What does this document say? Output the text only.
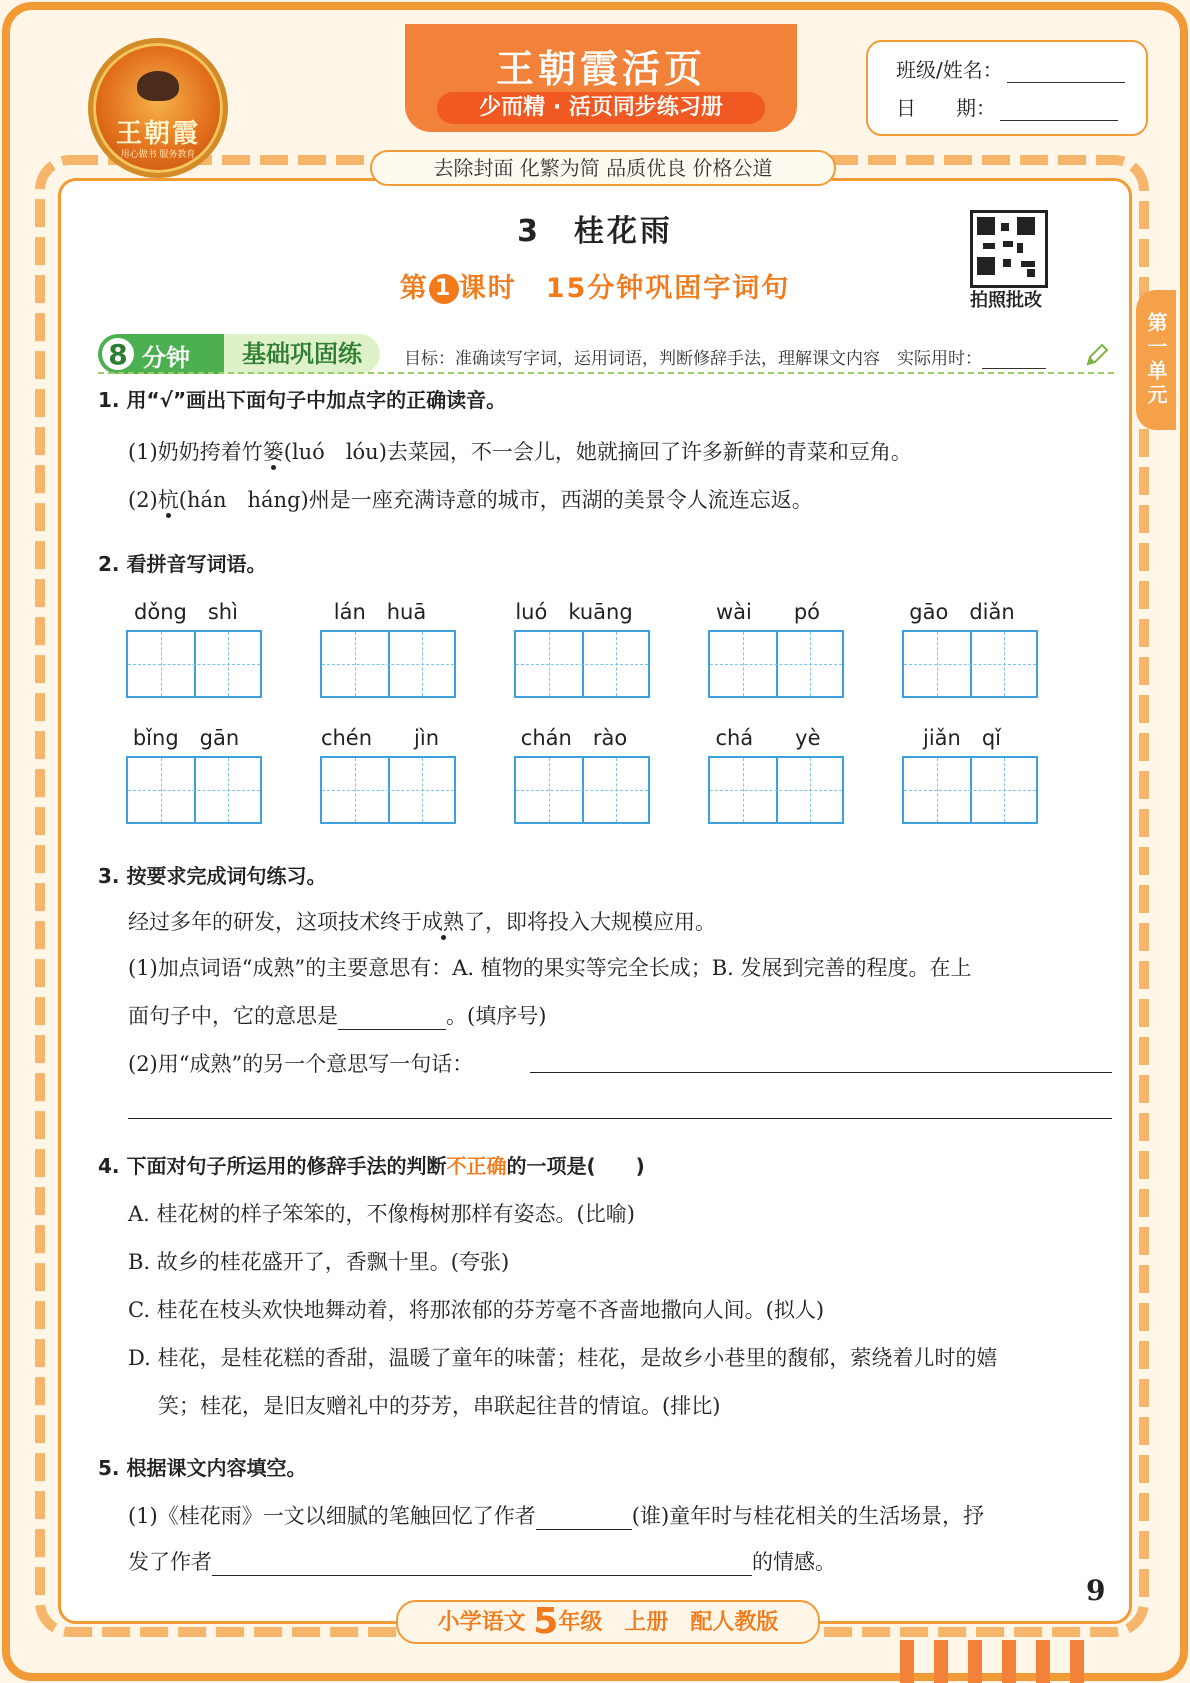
王朝霞
用心做书 服务教育
王朝霞活页
少而精 · 活页同步练习册
去除封面 化繁为简 品质优良 价格公道
班级/姓名：
日　　期：
第一单元
3　桂花雨
第 1 课时　15分钟巩固字词句	拍照批改
8 分钟	基础巩固练	目标：准确读写字词，运用词语，判断修辞手法，理解课文内容　实际用时：
1. 用“√”画出下面句子中加点字的正确读音。
(1)奶奶挎着竹篓(luó　lóu)去菜园，不一会儿，她就摘回了许多新鲜的青菜和豆角。
(2)杭(hán　háng)州是一座充满诗意的城市，西湖的美景令人流连忘返。
2. 看拼音写词语。
dǒng　shì	lán　huā	luó　kuāng	wài　　pó	gāo　diǎn
bǐng　gān	chén　　jìn	chán　rào	chá　　yè	jiǎn　qǐ
3. 按要求完成词句练习。
经过多年的研发，这项技术终于成熟了，即将投入大规模应用。
(1)加点词语“成熟”的主要意思有：A. 植物的果实等完全长成；B. 发展到完善的程度。在上
面句子中，它的意思是	。(填序号)
(2)用“成熟”的另一个意思写一句话：
4. 下面对句子所运用的修辞手法的判断不正确的一项是(　　)
A. 桂花树的样子笨笨的，不像梅树那样有姿态。(比喻)
B. 故乡的桂花盛开了，香飘十里。(夸张)
C. 桂花在枝头欢快地舞动着，将那浓郁的芬芳毫不吝啬地撒向人间。(拟人)
D. 桂花，是桂花糕的香甜，温暖了童年的味蕾；桂花，是故乡小巷里的馥郁，萦绕着儿时的嬉
笑；桂花，是旧友赠礼中的芬芳，串联起往昔的情谊。(排比)
5. 根据课文内容填空。
(1)《桂花雨》一文以细腻的笔触回忆了作者	(谁)童年时与桂花相关的生活场景，抒
发了作者	的情感。
9
小学语文 5年级　上册　配人教版
